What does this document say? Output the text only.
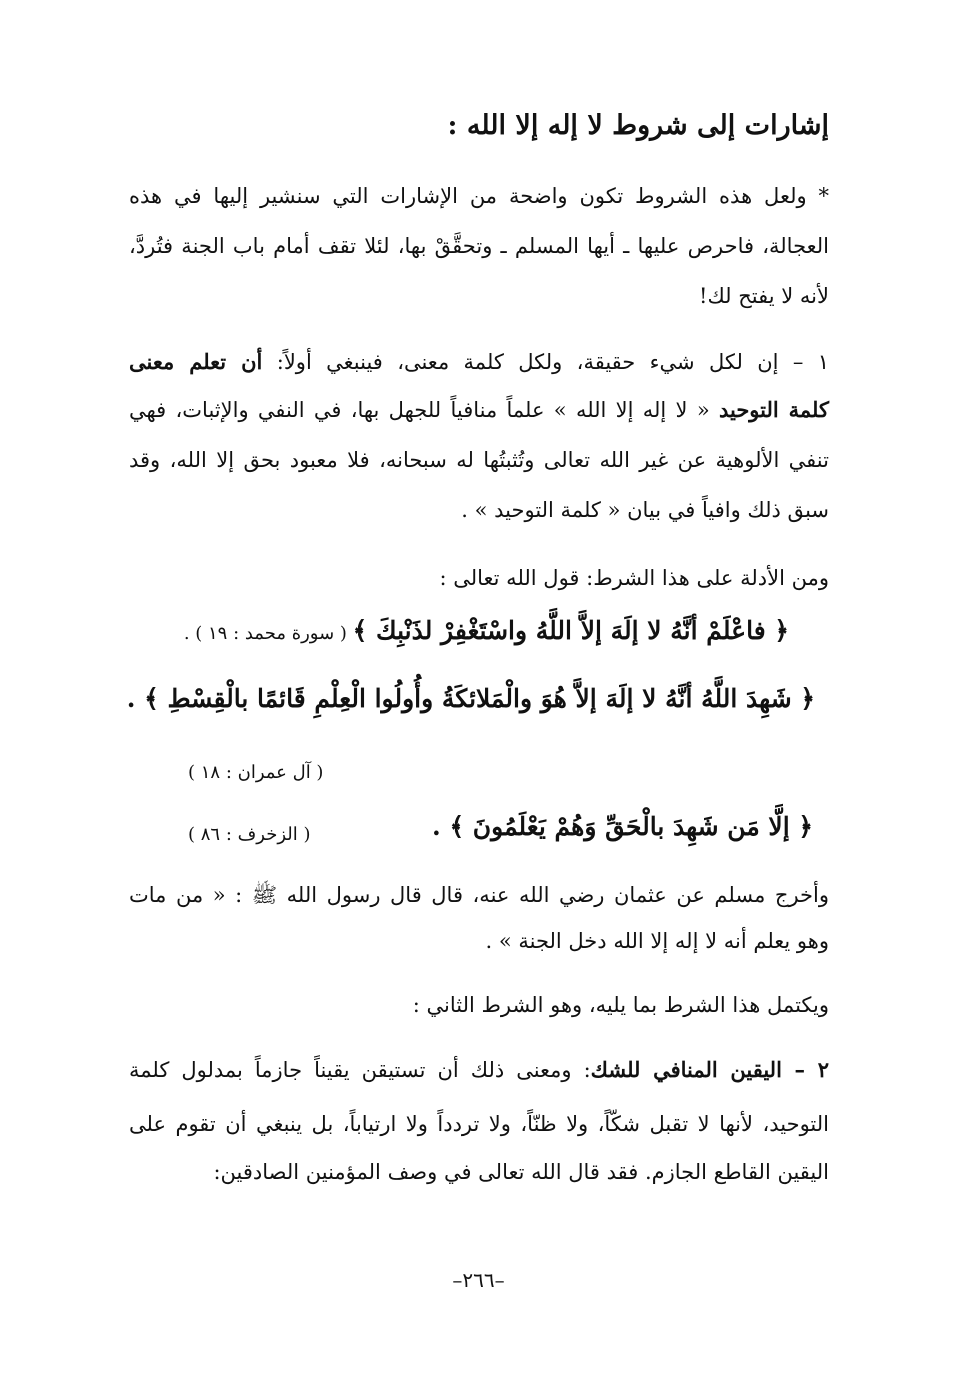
إشارات إلى شروط لا إله إلا الله :
* ولعل هذه الشروط تكون واضحة من الإشارات التي سنشير إليها في هذه
العجالة، فاحرص عليها ـ أيها المسلم ـ وتحقَّقْ بها، لئلا تقف أمام باب الجنة فتُردَّ،
لأنه لا يفتح لك!
١ – إن لكل شيء حقيقة، ولكل كلمة معنى، فينبغي أولاً: أن تعلم معنى
كلمة التوحيد « لا إله إلا الله » علماً منافياً للجهل بها، في النفي والإثبات، فهي
تنفي الألوهية عن غير الله تعالى وتُثبتُها له سبحانه، فلا معبود بحق إلا الله، وقد
سبق ذلك وافياً في بيان « كلمة التوحيد » .
ومن الأدلة على هذا الشرط: قول الله تعالى :
﴿ فاعْلَمْ أنَّهُ لا إلَهَ إلاَّ اللَّهُ واسْتَغْفِرْ لذَنْبِكَ ﴾ ( سورة محمد : ١٩ ) .
﴿ شَهِدَ اللَّهُ أنَّهُ لا إلَهَ إلاَّ هُوَ والْمَلائكَةُ وأُولُوا الْعِلْمِ قَائمًا بالْقِسْطِ ﴾ .
( آل عمران : ١٨ )
﴿ إلَّا مَن شَهِدَ بالْحَقِّ وَهُمْ يَعْلَمُونَ ﴾ .
( الزخرف : ٨٦ )
وأخرج مسلم عن عثمان رضي الله عنه، قال قال رسول الله ﷺ : « من مات
وهو يعلم أنه لا إله إلا الله دخل الجنة » .
ويكتمل هذا الشرط بما يليه، وهو الشرط الثاني :
٢ – اليقين المنافي للشك: ومعنى ذلك أن تستيقن يقيناً جازماً بمدلول كلمة
التوحيد، لأنها لا تقبل شكّاً، ولا ظنّاً، ولا تردداً ولا ارتياباً، بل ينبغي أن تقوم على
اليقين القاطع الجازم. فقد قال الله تعالى في وصف المؤمنين الصادقين:
–٢٦٦–
